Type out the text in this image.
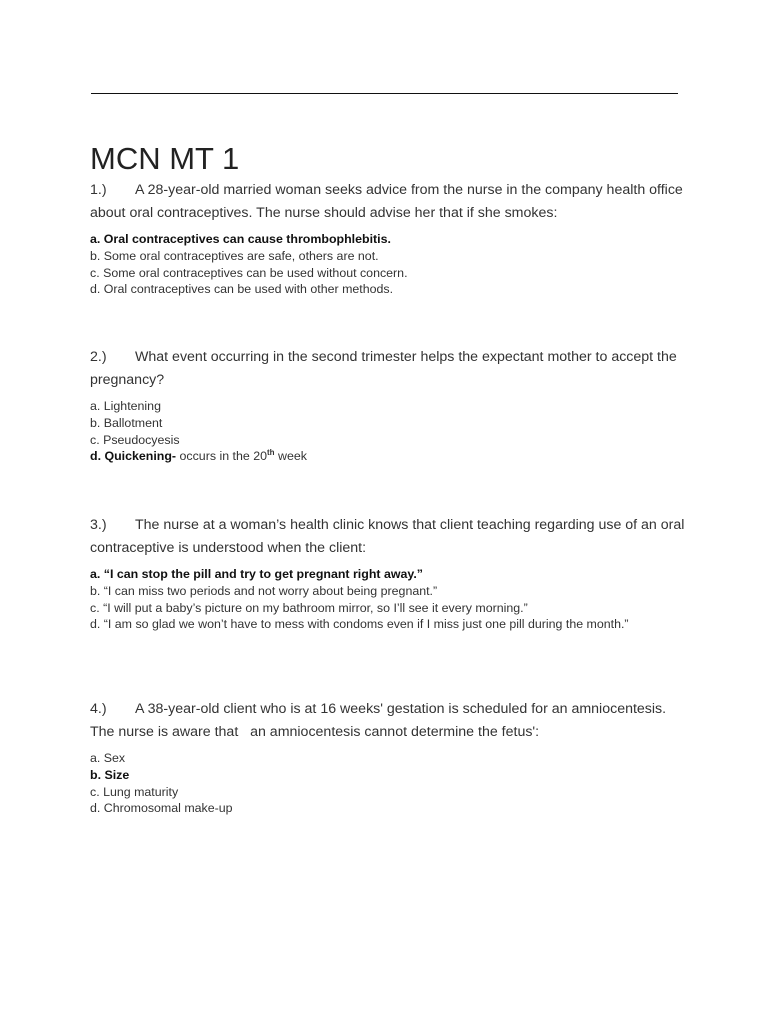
MCN MT 1

1.) A 28-year-old married woman seeks advice from the nurse in the company health office about oral contraceptives. The nurse should advise her that if she smokes:

a. Oral contraceptives can cause thrombophlebitis.
b. Some oral contraceptives are safe, others are not.
c. Some oral contraceptives can be used without concern.
d. Oral contraceptives can be used with other methods.

2.) What event occurring in the second trimester helps the expectant mother to accept the pregnancy?

a. Lightening
b. Ballotment
c. Pseudocyesis
d. Quickening- occurs in the 20th week

3.) The nurse at a woman’s health clinic knows that client teaching regarding use of an oral contraceptive is understood when the client:

a. “I can stop the pill and try to get pregnant right away.”
b. “I can miss two periods and not worry about being pregnant.”
c. “I will put a baby’s picture on my bathroom mirror, so I’ll see it every morning.”
d. “I am so glad we won’t have to mess with condoms even if I miss just one pill during the month.”

4.) A 38-year-old client who is at 16 weeks' gestation is scheduled for an amniocentesis. The nurse is aware that   an amniocentesis cannot determine the fetus':

a. Sex
b. Size
c. Lung maturity
d. Chromosomal make-up
